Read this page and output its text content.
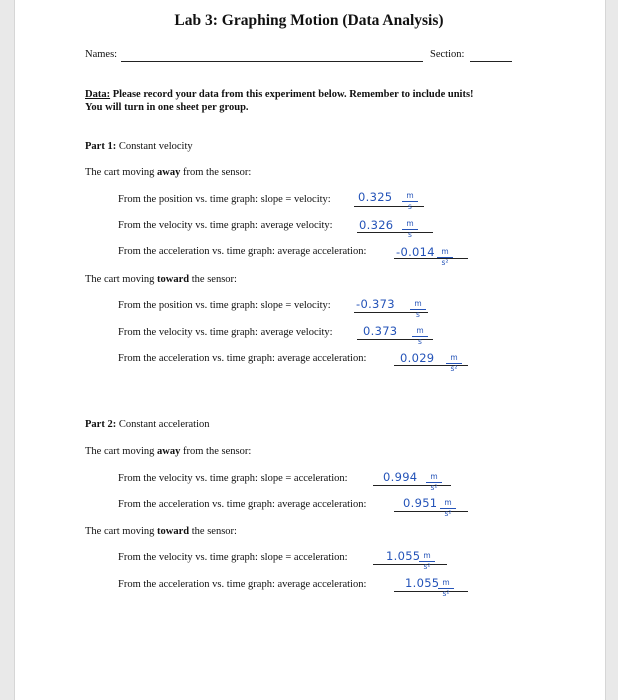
Lab 3: Graphing Motion (Data Analysis)
Names:	Section:
Data: Please record your data from this experiment below. Remember to include units!
You will turn in one sheet per group.
Part 1: Constant velocity
The cart moving away from the sensor:
From the position vs. time graph: slope = velocity: $0.325 \frac{m}{s}$
From the velocity vs. time graph: average velocity: $0.326 \frac{m}{s}$
From the acceleration vs. time graph: average acceleration:	$-0.014 \frac{m}{\text{s²}}$
The cart moving toward the sensor:
From the position vs. time graph: slope = velocity: $-0.373 \frac{m}{s}$
From the velocity vs. time graph: average velocity:	$0.373 \frac{m}{s}$
From the acceleration vs. time graph: average acceleration:	$0.029 \frac{m}{\text{s²}}$
Part 2: Constant acceleration
The cart moving away from the sensor:
From the velocity vs. time graph: slope = acceleration:	$0.994 \frac{m}{\text{s²}}$
From the acceleration vs. time graph: average acceleration:	$0.951 \frac{m}{\text{s²}}$
The cart moving toward the sensor:
From the velocity vs. time graph: slope = acceleration:	1.055
$\frac{m}{\text{s²}}$
From the acceleration vs. time graph: average acceleration:	1.055
$\frac{m}{\text{s²}}$
